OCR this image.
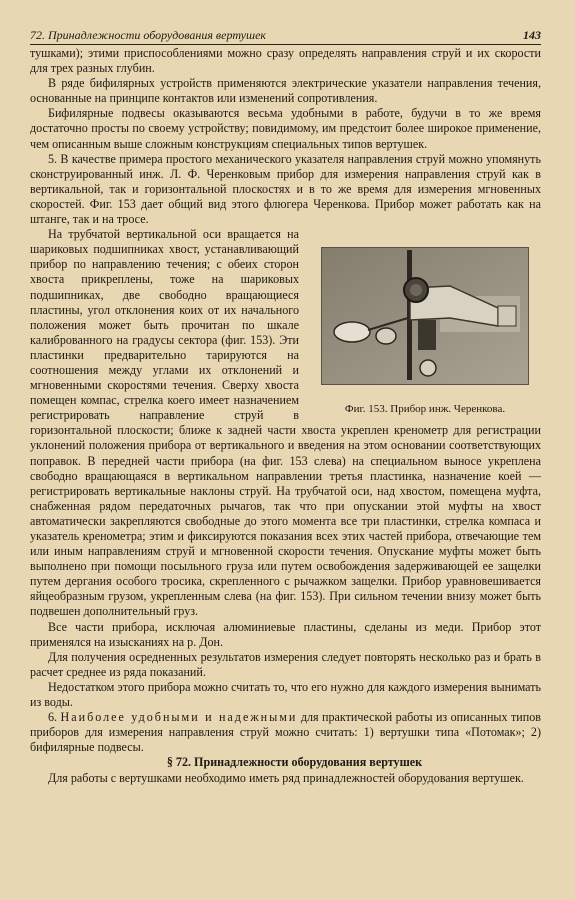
72. Принадлежности оборудования вертушек	143

тушками); этими приспособлениями можно сразу определять направления струй и их скорости для трех разных глубин.

В ряде бифилярных устройств применяются электрические указатели направления течения, основанные на принципе контактов или изменений сопротивления.

Бифилярные подвесы оказываются весьма удобными в работе, будучи в то же время достаточно просты по своему устройству; повидимому, им предстоит более широкое применение, чем описанным выше сложным конструкциям специальных типов вертушек.

5. В качестве примера простого механического указателя направления струй можно упомянуть сконструированный инж. Л. Ф. Черенковым прибор для измерения направления струй как в вертикальной, так и горизонтальной плоскостях и в то же время для измерения мгновенных скоростей. Фиг. 153 дает общий вид этого флюгера Черенкова. Прибор может работать как на штанге, так и на тросе.

Фиг. 153. Прибор инж. Черенкова.

На трубчатой вертикальной оси вращается на шариковых подшипниках хвост, устанавливающий прибор по направлению течения; с обеих сторон хвоста прикреплены, тоже на шариковых подшипниках, две свободно вращающиеся пластины, угол отклонения коих от их начального положения может быть прочитан по шкале калиброванного на градусы сектора (фиг. 153). Эти пластинки предварительно тарируются на соотношения между углами их отклонений и мгновенными скоростями течения. Сверху хвоста помещен компас, стрелка коего имеет назначением регистрировать направление струй в горизонтальной плоскости; ближе к задней части хвоста укреплен кренометр для регистрации уклонений положения прибора от вертикального и введения на этом основании соответствующих поправок. В передней части прибора (на фиг. 153 слева) на специальном выносе укреплена свободно вращающаяся в вертикальном направлении третья пластинка, назначение коей — регистрировать вертикальные наклоны струй. На трубчатой оси, над хвостом, помещена муфта, снабженная рядом передаточных рычагов, так что при опускании этой муфты на хвост автоматически закрепляются свободные до этого момента все три пластинки, стрелка компаса и указатель кренометра; этим и фиксируются показания всех этих частей прибора, отвечающие тем или иным направлениям струй и мгновенной скорости течения. Опускание муфты может быть выполнено при помощи посыльного груза или путем освобождения задерживающей ее защелки путем дергания особого тросика, скрепленного с рычажком защелки. Прибор уравновешивается яйцеобразным грузом, укрепленным слева (на фиг. 153). При сильном течении внизу может быть подвешен дополнительный груз.

Все части прибора, исключая алюминиевые пластины, сделаны из меди. Прибор этот применялся на изысканиях на р. Дон.

Для получения осредненных результатов измерения следует повторять несколько раз и брать в расчет среднее из ряда показаний.

Недостатком этого прибора можно считать то, что его нужно для каждого измерения вынимать из воды.

6. Наиболее удобными и надежными для практической работы из описанных типов приборов для измерения направления струй можно считать: 1) вертушки типа «Потомак»; 2) бифилярные подвесы.

§ 72. Принадлежности оборудования вертушек

Для работы с вертушками необходимо иметь ряд принадлежностей оборудования вертушек.
